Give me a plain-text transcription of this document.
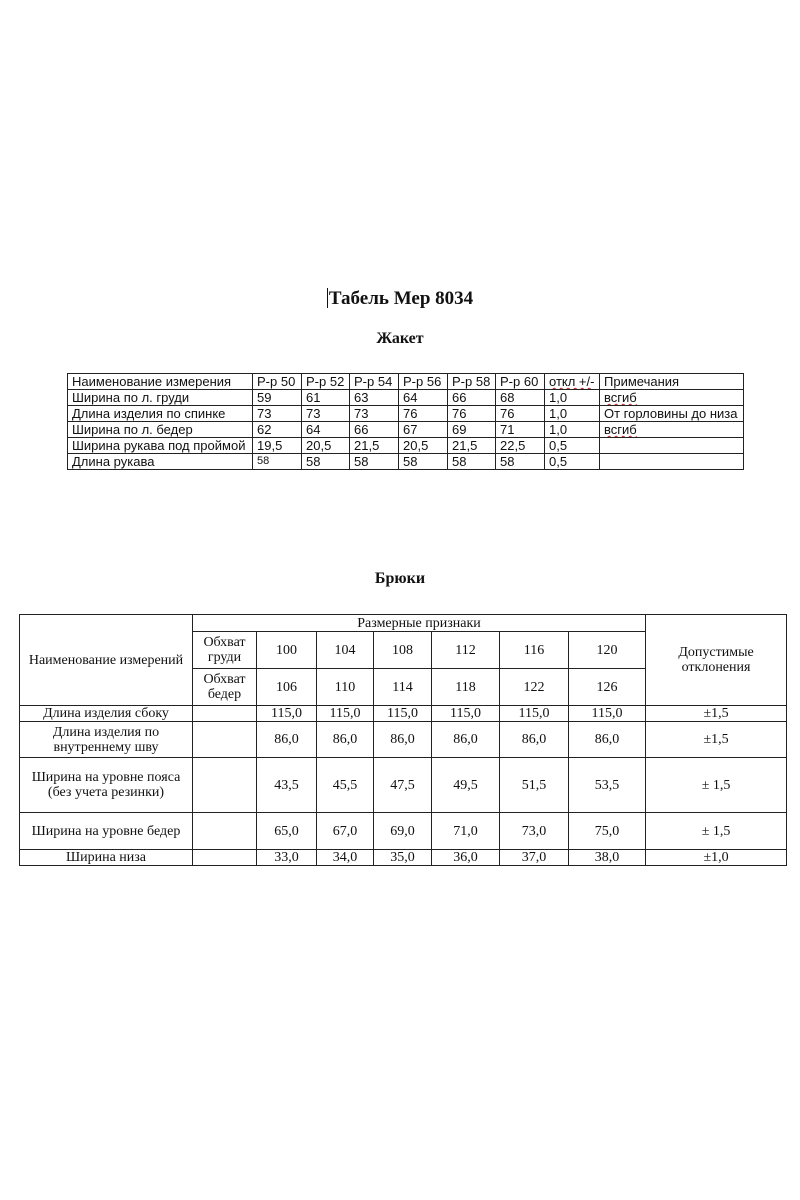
Табель Мер 8034
Жакет
Наименование измерения	Р-р 50	Р-р 52	Р-р 54	Р-р 56	Р-р 58	Р-р 60	откл +/-	Примечания
Ширина по л. груди	59	61	63	64	66	68	1,0	всгиб
Длина изделия по спинке	73	73	73	76	76	76	1,0	От горловины до низа
Ширина по л. бедер	62	64	66	67	69	71	1,0	всгиб
Ширина рукава под проймой	19,5	20,5	21,5	20,5	21,5	22,5	0,5	
Длина рукава	58	58	58	58	58	58	0,5	
Брюки
Наименование измерений	Размерные признаки							Допустимые отклонения
	Обхват груди	100	104	108	112	116	120	
	Обхват бедер	106	110	114	118	122	126	
Длина изделия сбоку		115,0	115,0	115,0	115,0	115,0	115,0	±1,5
Длина изделия по внутреннему шву		86,0	86,0	86,0	86,0	86,0	86,0	±1,5
Ширина на уровне пояса (без учета резинки)		43,5	45,5	47,5	49,5	51,5	53,5	± 1,5
Ширина на уровне бедер		65,0	67,0	69,0	71,0	73,0	75,0	± 1,5
Ширина низа		33,0	34,0	35,0	36,0	37,0	38,0	±1,0
